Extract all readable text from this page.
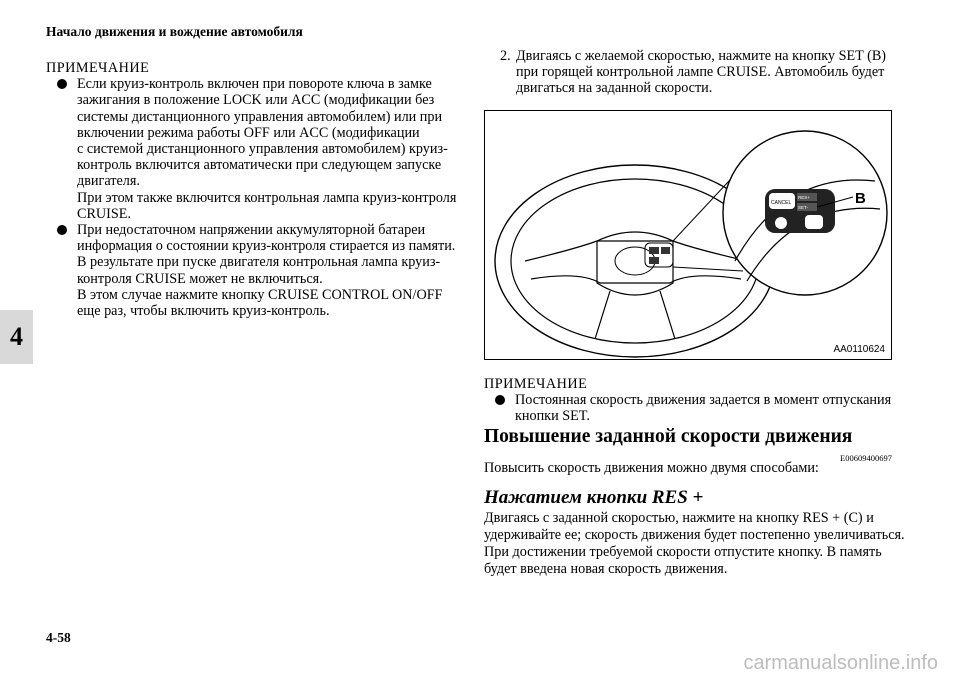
Начало движения и вождение автомобиля
4

ПРИМЕЧАНИЕ

Если круиз-контроль включен при повороте ключа в замке

зажигания в положение LOCK или ACC (модификации без

системы дистанционного управления автомобилем) или при

включении режима работы OFF или ACC (модификации

с системой дистанционного управления автомобилем) круиз-

контроль включится автоматически при следующем запуске

двигателя.

При этом также включится контрольная лампа круиз-контроля

CRUISE.

При недостаточном напряжении аккумуляторной батареи

информация о состоянии круиз-контроля стирается из памяти.

В результате при пуске двигателя контрольная лампа круиз-

контроля CRUISE может не включиться.

В этом случае нажмите кнопку CRUISE CONTROL ON/OFF

еще раз, чтобы включить круиз-контроль.

2. Двигаясь с желаемой скоростью, нажмите на кнопку SET (B)

при горящей контрольной лампе CRUISE. Автомобиль будет

двигаться на заданной скорости.

CANCEL
RES+
SET-
B
AA0110624

ПРИМЕЧАНИЕ

Постоянная скорость движения задается в момент отпускания

кнопки SET.

Повышение заданной скорости движения
E00609400697

Повысить скорость движения можно двумя способами:

Нажатием кнопки RES +
Двигаясь с заданной скоростью, нажмите на кнопку RES + (C) и
удерживайте ее; скорость движения будет постепенно увеличиваться.
При достижении требуемой скорости отпустите кнопку. В память
будет введена новая скорость движения.
4-58
carmanualsonline.info
